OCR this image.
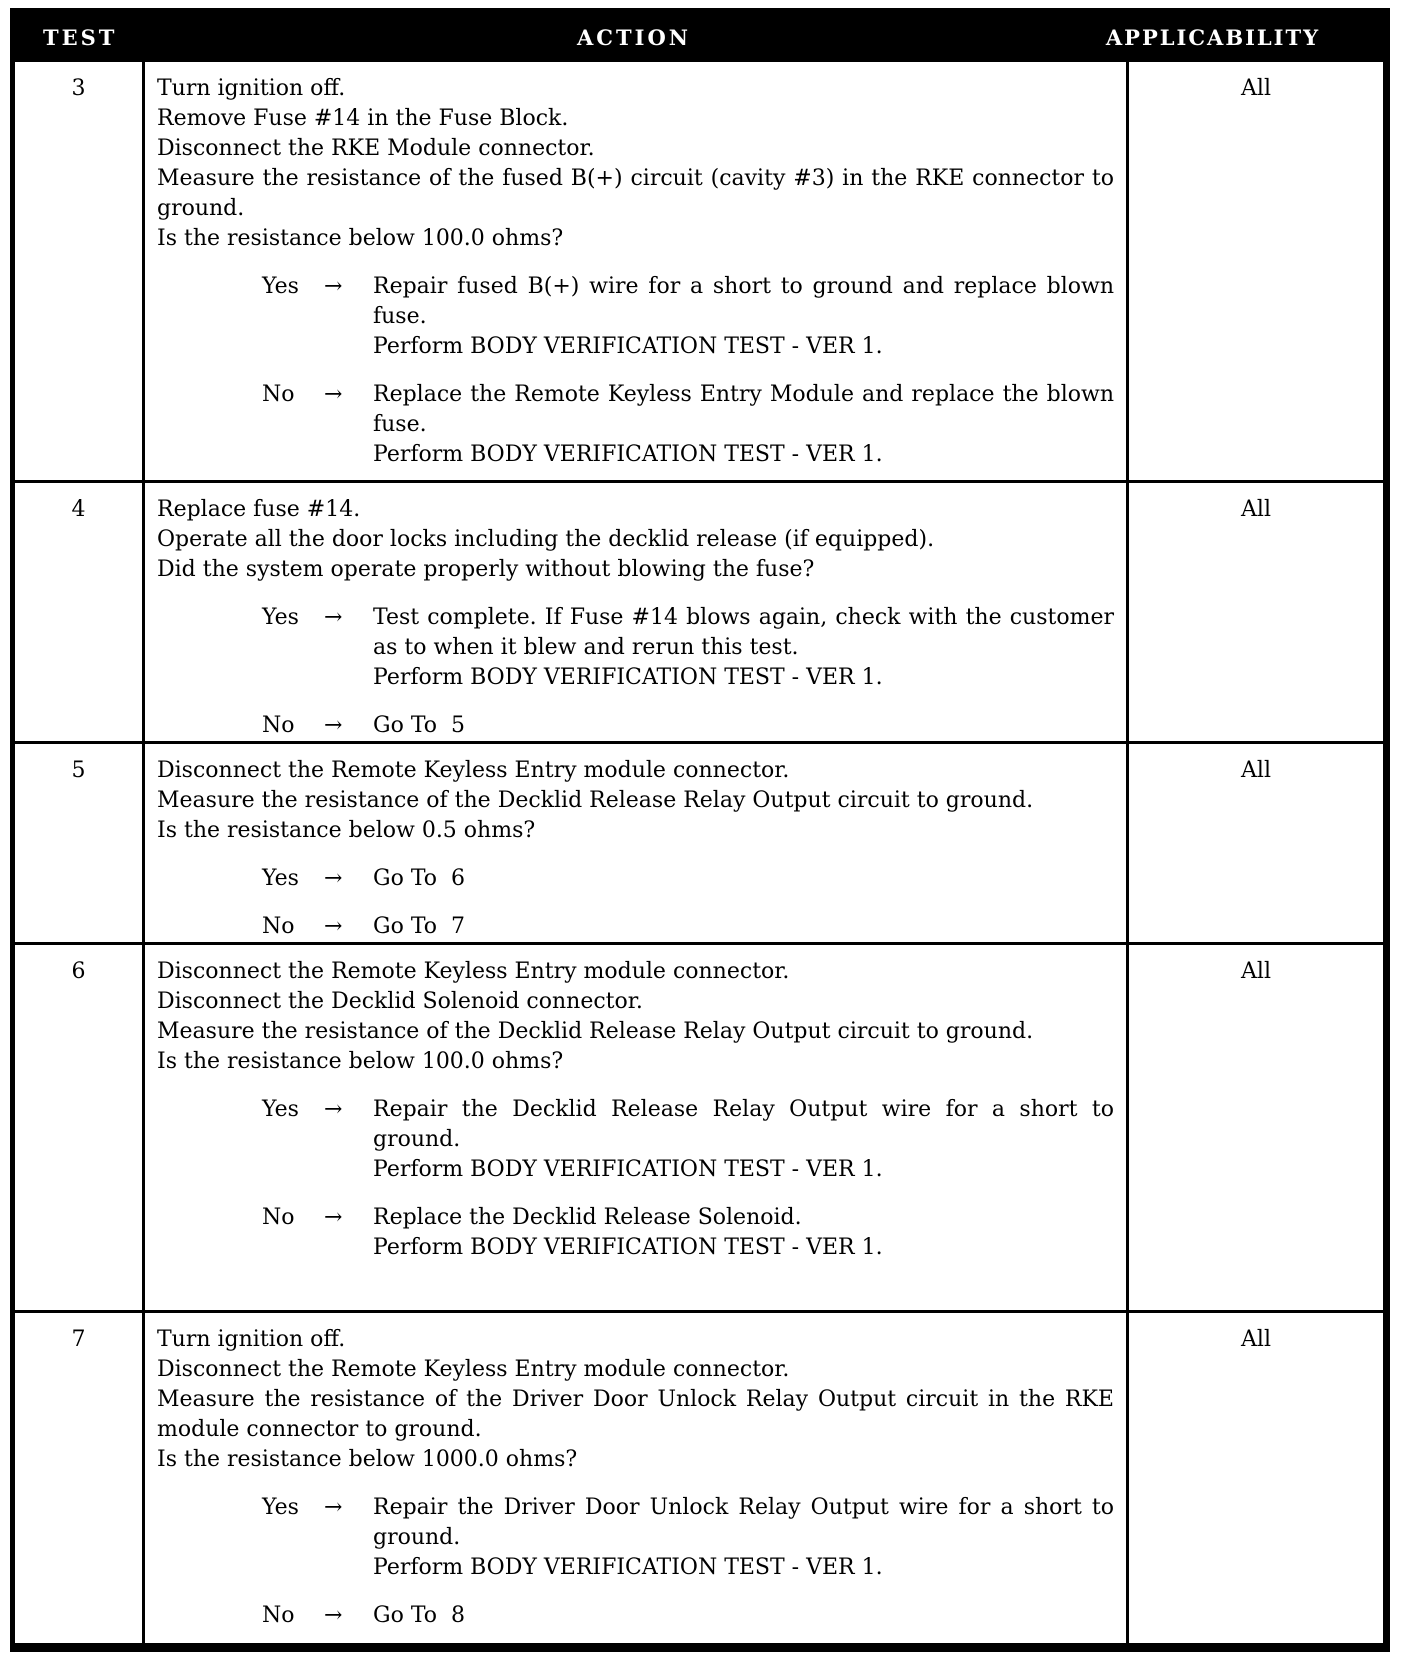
TEST	ACTION	APPLICABILITY
3	Turn ignition off.

Remove Fuse #14 in the Fuse Block.

Disconnect the RKE Module connector.

Measure the resistance of the fused B(+) circuit (cavity #3) in the RKE connector to ground.

Is the resistance below 100.0 ohms?

Yes	→	Repair fused B(+) wire for a short to ground and replace blown fuse.

Perform BODY VERIFICATION TEST - VER 1.

No	→	Replace the Remote Keyless Entry Module and replace the blown fuse.

Perform BODY VERIFICATION TEST - VER 1.

All
4	Replace fuse #14.

Operate all the door locks including the decklid release (if equipped).

Did the system operate properly without blowing the fuse?

Yes	→	Test complete. If Fuse #14 blows again, check with the customer as to when it blew and rerun this test.

Perform BODY VERIFICATION TEST - VER 1.

No	→	Go To  5

All
5	Disconnect the Remote Keyless Entry module connector.

Measure the resistance of the Decklid Release Relay Output circuit to ground.

Is the resistance below 0.5 ohms?

Yes	→	Go To  6

No	→	Go To  7

All
6	Disconnect the Remote Keyless Entry module connector.

Disconnect the Decklid Solenoid connector.

Measure the resistance of the Decklid Release Relay Output circuit to ground.

Is the resistance below 100.0 ohms?

Yes	→	Repair the Decklid Release Relay Output wire for a short to ground.

Perform BODY VERIFICATION TEST - VER 1.

No	→	Replace the Decklid Release Solenoid.

Perform BODY VERIFICATION TEST - VER 1.

All
7	Turn ignition off.

Disconnect the Remote Keyless Entry module connector.

Measure the resistance of the Driver Door Unlock Relay Output circuit in the RKE module connector to ground.

Is the resistance below 1000.0 ohms?

Yes	→	Repair the Driver Door Unlock Relay Output wire for a short to ground.

Perform BODY VERIFICATION TEST - VER 1.

No	→	Go To  8

All
